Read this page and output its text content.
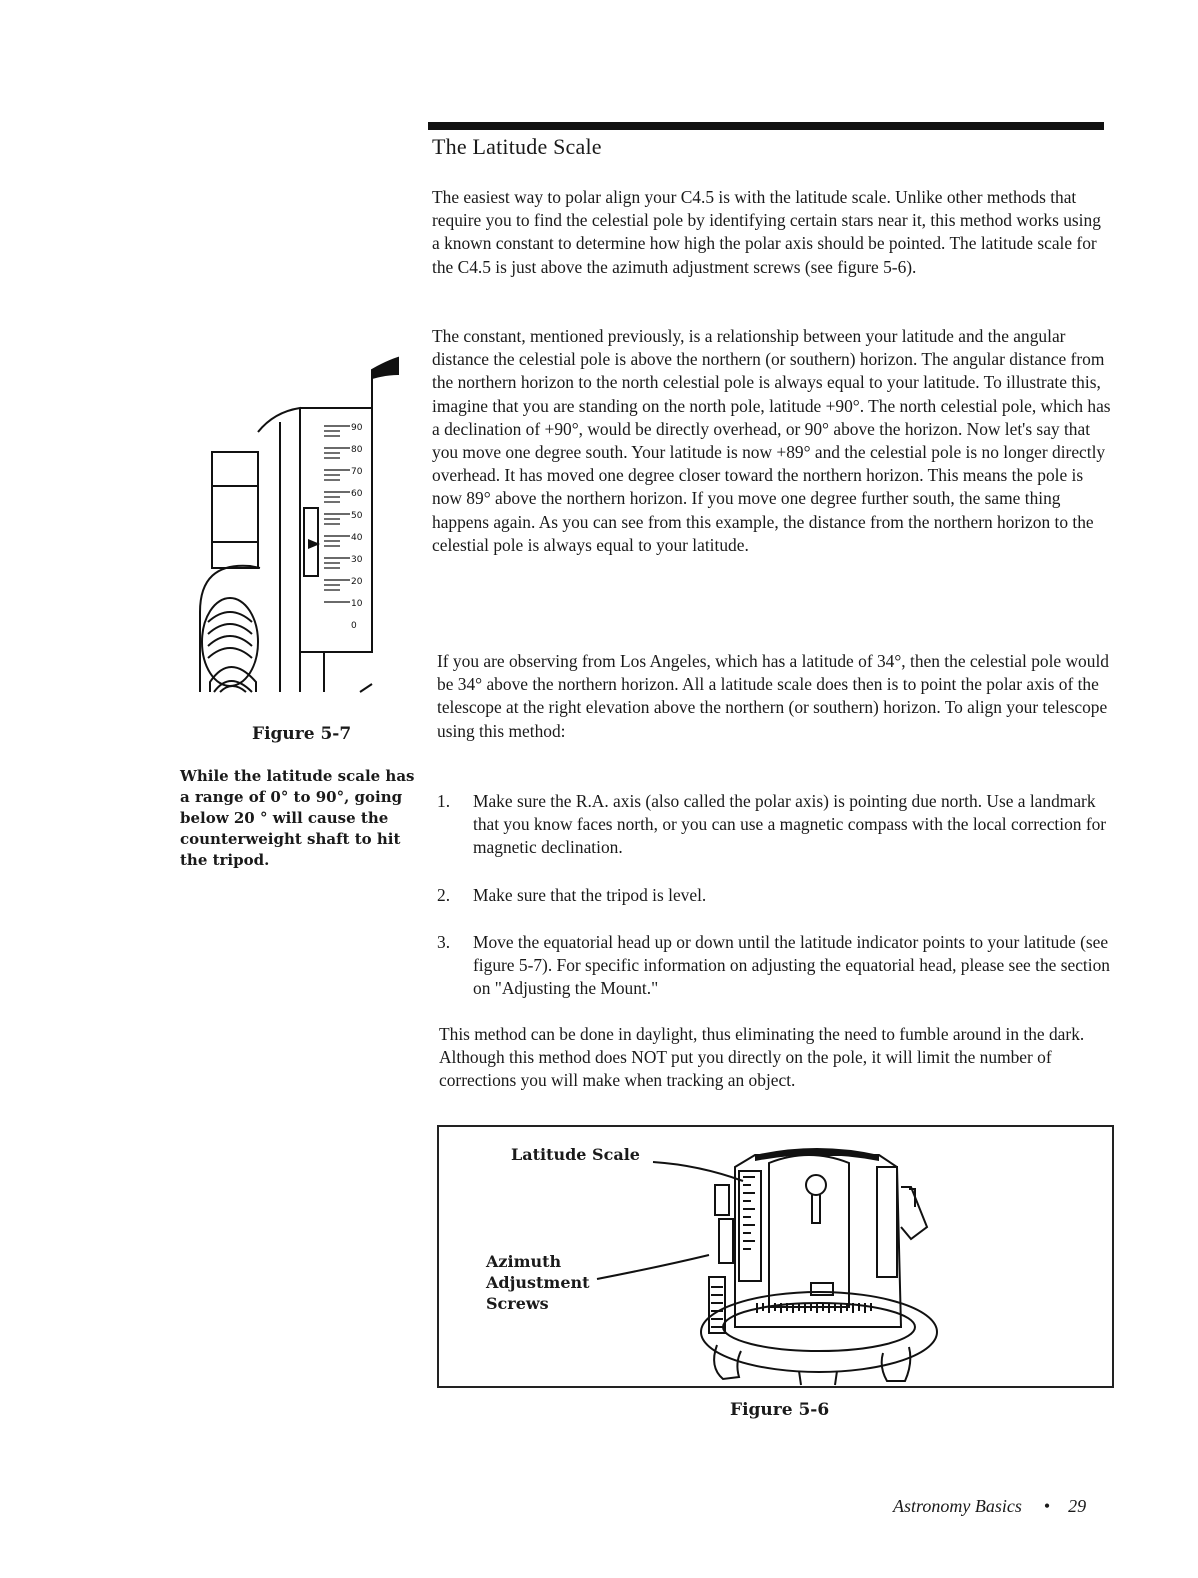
The Latitude Scale

The easiest way to polar align your C4.5 is with the latitude scale. Unlike other methods that require you to find the celestial pole by identifying certain stars near it, this method works using a known constant to determine how high the polar axis should be pointed. The latitude scale for the C4.5 is just above the azimuth adjustment screws (see figure 5-6).

The constant, mentioned previously, is a relationship between your latitude and the angular distance the celestial pole is above the northern (or southern) horizon. The angular distance from the northern horizon to the north celestial pole is always equal to your latitude. To illustrate this, imagine that you are standing on the north pole, latitude +90°. The north celestial pole, which has a declination of +90°, would be directly overhead, or 90° above the horizon. Now let's say that you move one degree south. Your latitude is now +89° and the celestial pole is no longer directly overhead. It has moved one degree closer toward the northern horizon. This means the pole is now 89° above the northern horizon. If you move one degree further south, the same thing happens again. As you can see from this example, the distance from the northern horizon to the celestial pole is always equal to your latitude.

If you are observing from Los Angeles, which has a latitude of 34°, then the celestial pole would be 34° above the northern horizon. All a latitude scale does then is to point the polar axis of the telescope at the right elevation above the northern (or southern) horizon. To align your telescope using this method:

1. Make sure the R.A. axis (also called the polar axis) is pointing due north. Use a landmark that you know faces north, or you can use a magnetic compass with the local correction for magnetic declination.
2. Make sure that the tripod is level.
3. Move the equatorial head up or down until the latitude indicator points to your latitude (see figure 5-7). For specific information on adjusting the equatorial head, please see the section on "Adjusting the Mount."

This method can be done in daylight, thus eliminating the need to fumble around in the dark. Although this method does NOT put you directly on the pole, it will limit the number of corrections you will make when tracking an object.

90
80
70
60
50
40
30
20
10
0

Figure 5-7

While the latitude scale has a range of 0° to 90°, going below 20 ° will cause the counterweight shaft to hit the tripod.

Latitude Scale

Azimuth Adjustment Screws

Figure 5-6

Astronomy Basics • 29
